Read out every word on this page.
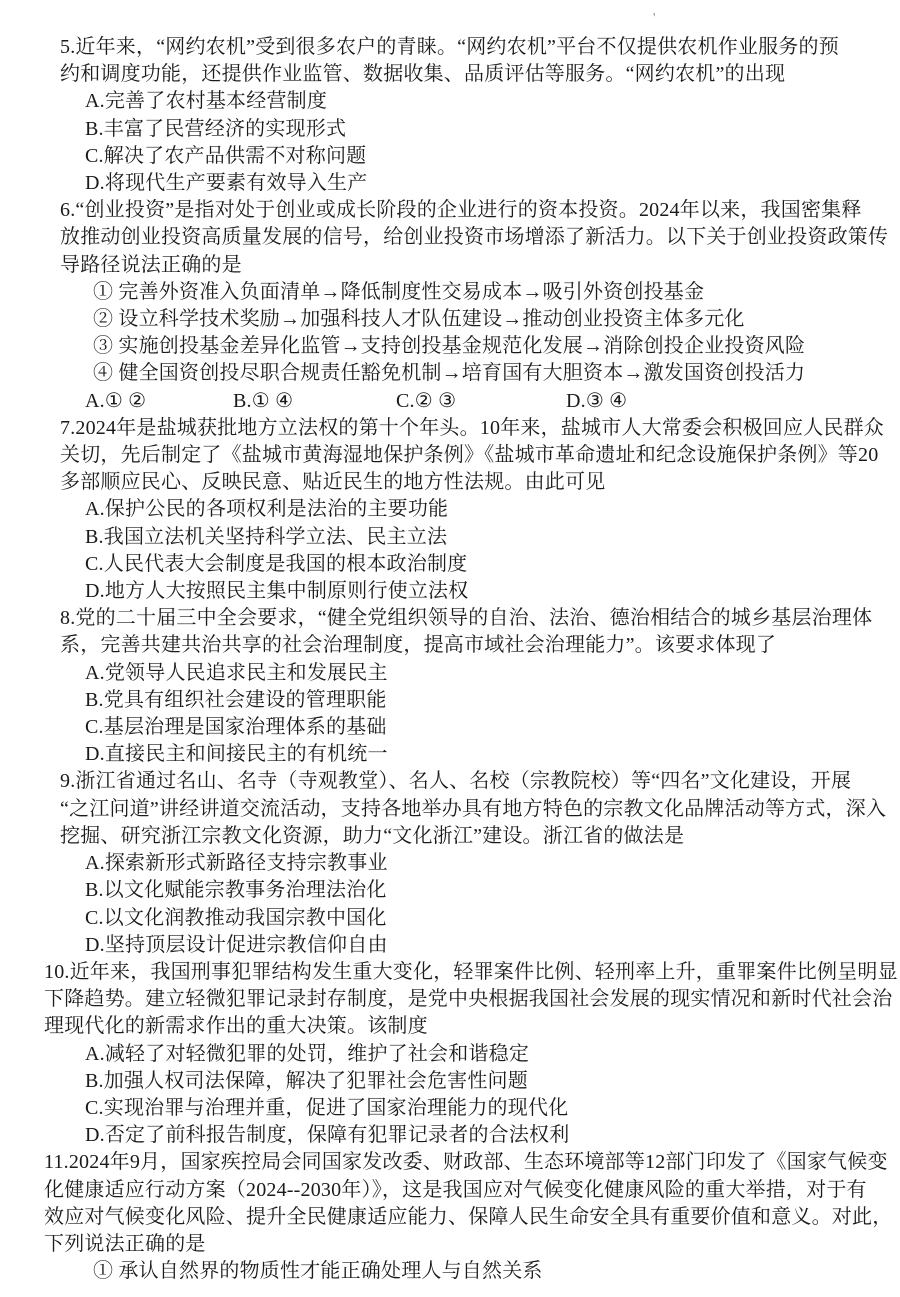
'
5.近年来，“网约农机”受到很多农户的青睐。“网约农机”平台不仅提供农机作业服务的预
约和调度功能，还提供作业监管、数据收集、品质评估等服务。“网约农机”的出现
A.完善了农村基本经营制度
B.丰富了民营经济的实现形式
C.解决了农产品供需不对称问题
D.将现代生产要素有效导入生产
6.“创业投资”是指对处于创业或成长阶段的企业进行的资本投资。2024年以来，我国密集释
放推动创业投资高质量发展的信号，给创业投资市场增添了新活力。以下关于创业投资政策传
导路径说法正确的是
① 完善外资准入负面清单→降低制度性交易成本→吸引外资创投基金
② 设立科学技术奖励→加强科技人才队伍建设→推动创业投资主体多元化
③ 实施创投基金差异化监管→支持创投基金规范化发展→消除创投企业投资风险
④ 健全国资创投尽职合规责任豁免机制→培育国有大胆资本→激发国资创投活力
A.① ②	B.① ④	C.② ③	D.③ ④
7.2024年是盐城获批地方立法权的第十个年头。10年来，盐城市人大常委会积极回应人民群众
关切，先后制定了《盐城市黄海湿地保护条例》《盐城市革命遗址和纪念设施保护条例》等20
多部顺应民心、反映民意、贴近民生的地方性法规。由此可见
A.保护公民的各项权利是法治的主要功能
B.我国立法机关坚持科学立法、民主立法
C.人民代表大会制度是我国的根本政治制度
D.地方人大按照民主集中制原则行使立法权
8.党的二十届三中全会要求，“健全党组织领导的自治、法治、德治相结合的城乡基层治理体
系，完善共建共治共享的社会治理制度，提高市域社会治理能力”。该要求体现了
A.党领导人民追求民主和发展民主
B.党具有组织社会建设的管理职能
C.基层治理是国家治理体系的基础
D.直接民主和间接民主的有机统一
9.浙江省通过名山、名寺（寺观教堂）、名人、名校（宗教院校）等“四名”文化建设，开展
“之江问道”讲经讲道交流活动，支持各地举办具有地方特色的宗教文化品牌活动等方式，深入
挖掘、研究浙江宗教文化资源，助力“文化浙江”建设。浙江省的做法是
A.探索新形式新路径支持宗教事业
B.以文化赋能宗教事务治理法治化
C.以文化润教推动我国宗教中国化
D.坚持顶层设计促进宗教信仰自由
10.近年来，我国刑事犯罪结构发生重大变化，轻罪案件比例、轻刑率上升，重罪案件比例呈明显
下降趋势。建立轻微犯罪记录封存制度，是党中央根据我国社会发展的现实情况和新时代社会治
理现代化的新需求作出的重大决策。该制度
A.减轻了对轻微犯罪的处罚，维护了社会和谐稳定
B.加强人权司法保障，解决了犯罪社会危害性问题
C.实现治罪与治理并重，促进了国家治理能力的现代化
D.否定了前科报告制度，保障有犯罪记录者的合法权利
11.2024年9月，国家疾控局会同国家发改委、财政部、生态环境部等12部门印发了《国家气候变
化健康适应行动方案（2024--2030年）》，这是我国应对气候变化健康风险的重大举措，对于有
效应对气候变化风险、提升全民健康适应能力、保障人民生命安全具有重要价值和意义。对此，
下列说法正确的是
① 承认自然界的物质性才能正确处理人与自然关系
